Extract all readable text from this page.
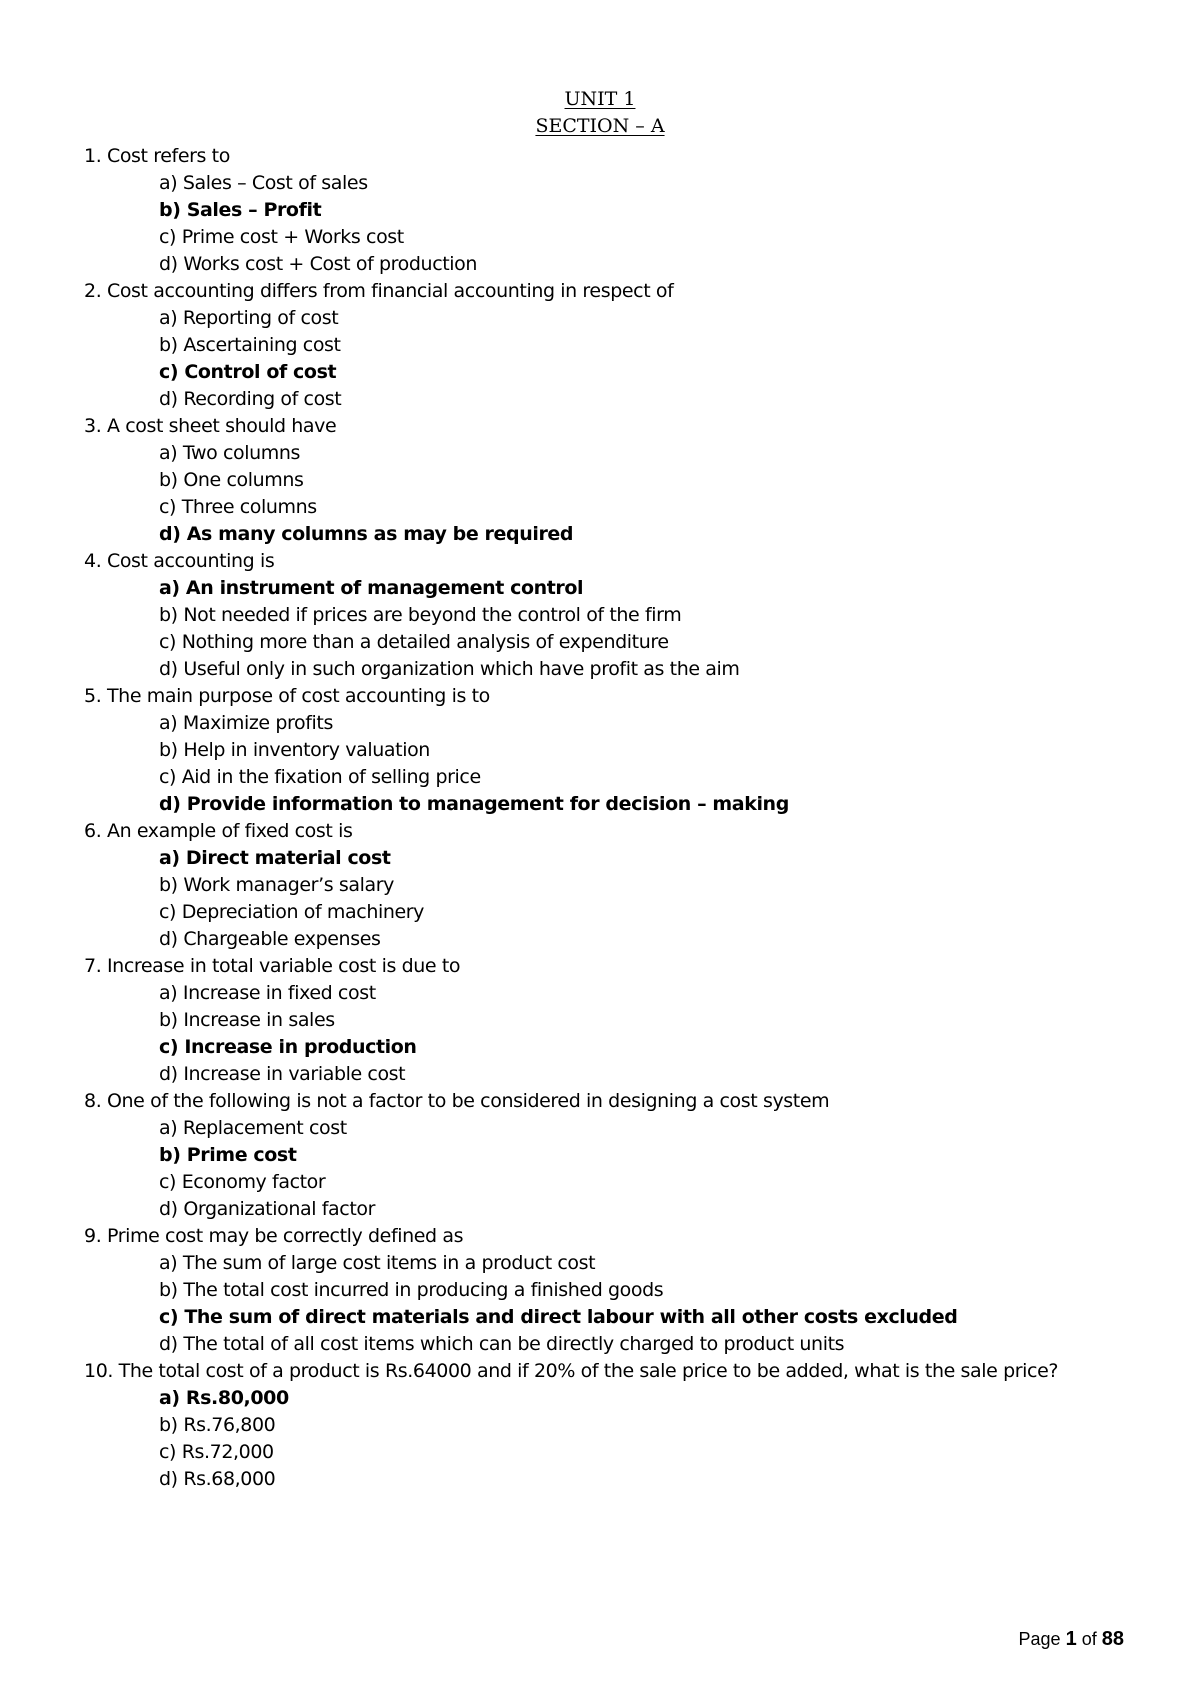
UNIT 1
SECTION – A

1. Cost refers to

a) Sales – Cost of sales

b) Sales – Profit

c) Prime cost + Works cost

d) Works cost + Cost of production

2. Cost accounting differs from financial accounting in respect of

a) Reporting of cost

b) Ascertaining cost

c) Control of cost

d) Recording of cost

3. A cost sheet should have

a) Two columns

b) One columns

c) Three columns

d) As many columns as may be required

4. Cost accounting is

a) An instrument of management control

b) Not needed if prices are beyond the control of the firm

c) Nothing more than a detailed analysis of expenditure

d) Useful only in such organization which have profit as the aim

5. The main purpose of cost accounting is to

a) Maximize profits

b) Help in inventory valuation

c) Aid in the fixation of selling price

d) Provide information to management for decision – making

6. An example of fixed cost is

a) Direct material cost

b) Work manager’s salary

c) Depreciation of machinery

d) Chargeable expenses

7. Increase in total variable cost is due to

a) Increase in fixed cost

b) Increase in sales

c) Increase in production

d) Increase in variable cost

8. One of the following is not a factor to be considered in designing a cost system

a) Replacement cost

b) Prime cost

c) Economy factor

d) Organizational factor

9. Prime cost may be correctly defined as

a) The sum of large cost items in a product cost

b) The total cost incurred in producing a finished goods

c) The sum of direct materials and direct labour with all other costs excluded

d) The total of all cost items which can be directly charged to product units

10. The total cost of a product is Rs.64000 and if 20% of the sale price to be added, what is the sale price?

a) Rs.80,000

b) Rs.76,800

c) Rs.72,000

d) Rs.68,000

Page 1 of 88
